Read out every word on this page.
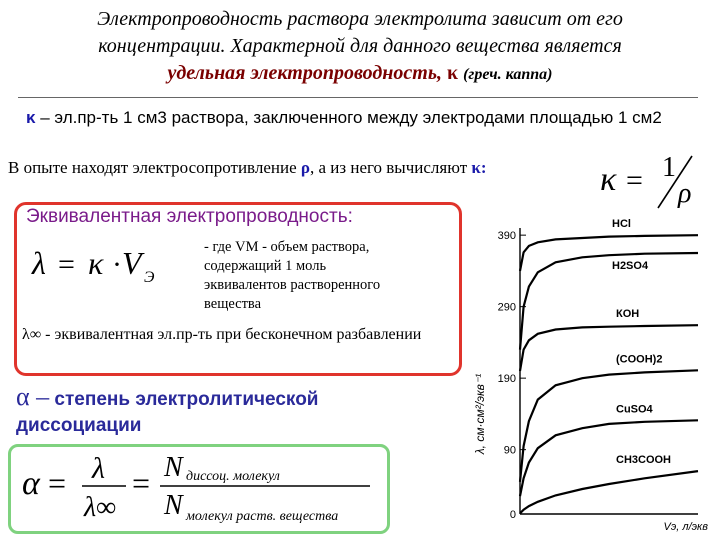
Электропроводность раствора электролита зависит от его
концентрации. Характерной для данного вещества является
удельная электропроводность, κ (греч. каппа)
κ – эл.пр-ть 1 см3 раствора, заключенного между электродами площадью 1 см2
В опыте находят электросопротивление ρ, а из него вычисляют κ:	κ = 1
ρ
Эквивалентная электропроводность:
λ = κ · V Э
- где VМ - объем раствора,
содержащий 1 моль
эквивалентов растворенного
вещества
λ∞ - эквивалентная эл.пр-ть при бесконечном разбавлении
α – степень электролитической
диссоциации
α = λ
λ∞
= N диссоц. молекул
N молекул раств. вещества	0
90
190
290
390
HCl
H2SO4
КОН
(COOH)2
CuSO4
CH3COOH
λ, см·см²/экв⁻¹
Vэ, л/экв
